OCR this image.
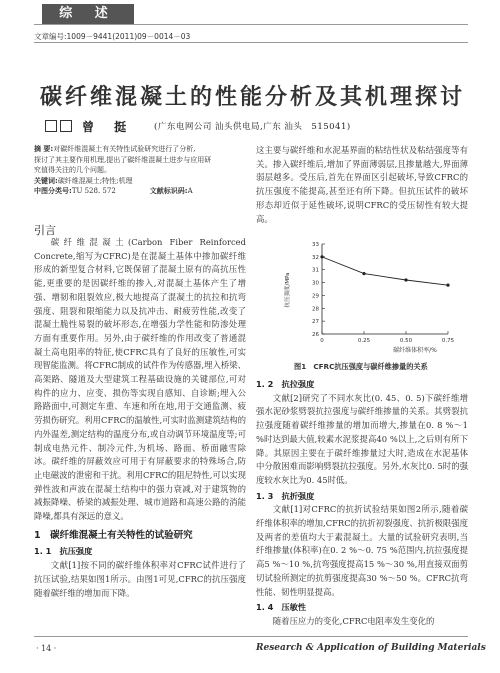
综 述
文章编号:1009－9441(2011)09－0014－03
碳纤维混凝土的性能分析及其机理探讨
曾 挺 (广东电网公司 汕头供电局,广东 汕头　515041)
摘 要:对碳纤维混凝土有关特性试验研究进行了分析,
探讨了其主要作用机理,提出了碳纤维混凝土进步与应用研
究值得关注的几个问题。
关键词:碳纤维混凝土;特性;机理
中图分类号:TU 528. 572	文献标识码:A
引言

碳纤维混凝土(Carbon Fiber Reinforced Concrete,缩写为CFRC)是在混凝土基体中掺加碳纤维形成的新型复合材料,它既保留了混凝土原有的高抗压性能,更重要的是因碳纤维的掺入,对混凝土基体产生了增强、增韧和阻裂效应,极大地提高了混凝土的抗拉和抗弯强度、阻裂和限缩能力以及抗冲击、耐疲劳性能,改变了混凝土脆性易裂的破坏形态,在增强力学性能和防渗处理方面有重要作用。另外,由于碳纤维的作用改变了普通混凝土高电阻率的特征,使CFRC具有了良好的压敏性,可实现智能监测。将CFRC制成的试件作为传感器,埋入桥梁、高架路、隧道及大型建筑工程基础设施的关键部位,可对构件的应力、应变、损伤等实现自感知、自诊断;埋入公路路面中,可测定车重、车速和所在地,用于交通监测、疲劳损伤研究。利用CFRC的温敏性,可实时监测建筑结构的内外温差,测定结构的温度分布,或自动调节环境温度等;可制成电热元件、制冷元件,为机场、路面、桥面融雪除冰。碳纤维的屏蔽效应可用于有屏蔽要求的特殊场合,防止电磁波的泄密和干扰。利用CFRC的阻尼特性,可以实现弹性波和声波在混凝土结构中的强力衰减,对于建筑物的减振降噪、桥梁的减振处理、城市道路和高速公路的消能降噪,都具有深远的意义。

1　碳纤维混凝土有关特性的试验研究
1. 1　抗压强度

文献[1]按不同的碳纤维体积率对CFRC试件进行了抗压试验,结果如图1所示。由图1可见,CFRC的抗压强度随着碳纤维的增加而下降。

这主要与碳纤维和水泥基界面的粘结性状及粘结强度等有关。掺入碳纤维后,增加了界面薄弱层,且掺量越大,界面薄弱层越多。受压后,首先在界面区引起破坏,导致CFRC的抗压强度不能提高,甚至还有所下降。但抗压试件的破坏形态却近似于延性破坏,说明CFRC的受压韧性有较大提高。

26
27
28
29
30
31
32
33
0	0.25	0.50	0.75
抗压强度/MPa
碳纤维体积率/%
图1　CFRC抗压强度与碳纤维掺量的关系
1. 2　抗拉强度

文献[2]研究了不同水灰比(0. 45、0. 5)下碳纤维增强水泥砂浆劈裂抗拉强度与碳纤维掺量的关系。其劈裂抗拉强度随着碳纤维掺量的增加而增大,掺量在0. 8 %～1 %时达到最大值,较素水泥浆提高40 %以上,之后则有所下降。其原因主要在于碳纤维掺量过大时,造成在水泥基体中分散困难而影响劈裂抗拉强度。另外,水灰比0. 5时的强度较水灰比为0. 45时低。

1. 3　抗折强度

文献[1]对CFRC的抗折试验结果如图2所示,随着碳纤维体积率的增加,CFRC的抗折初裂强度、抗折极限强度及两者的差值均大于素混凝土。大量的试验研究表明,当纤维掺量(体积率)在0. 2 %～0. 75 %范围内,抗拉强度提高5 %～10 %,抗弯强度提高15 %～30 %,用直接双面剪切试验所测定的抗剪强度提高30 %～50 %。CFRC抗弯性能、韧性明显提高。

1. 4　压敏性

随着压应力的变化,CFRC电阻率发生变化的

· 14 ·	Research & Application of Building Materials
